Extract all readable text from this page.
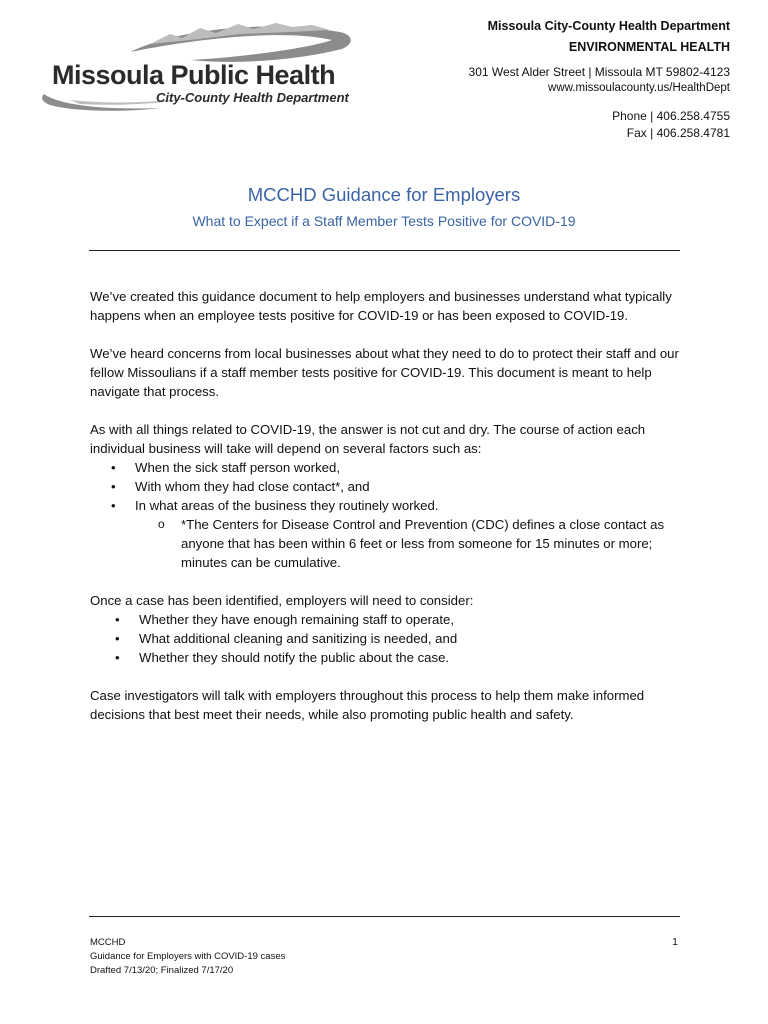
Missoula Public Health
City-County Health Department
Missoula City-County Health Department
ENVIRONMENTAL HEALTH
301 West Alder Street | Missoula MT 59802-4123
www.missoulacounty.us/HealthDept
Phone | 406.258.4755
Fax | 406.258.4781
MCCHD Guidance for Employers
What to Expect if a Staff Member Tests Positive for COVID-19

We’ve created this guidance document to help employers and businesses understand what typically happens when an employee tests positive for COVID-19 or has been exposed to COVID-19.

We’ve heard concerns from local businesses about what they need to do to protect their staff and our fellow Missoulians if a staff member tests positive for COVID-19. This document is meant to help navigate that process.

As with all things related to COVID-19, the answer is not cut and dry. The course of action each individual business will take will depend on several factors such as:

• When the sick staff person worked,
• With whom they had close contact*, and
• In what areas of the business they routinely worked.
o *The Centers for Disease Control and Prevention (CDC) defines a close contact as anyone that has been within 6 feet or less from someone for 15 minutes or more; minutes can be cumulative.

Once a case has been identified, employers will need to consider:

• Whether they have enough remaining staff to operate,
• What additional cleaning and sanitizing is needed, and
• Whether they should notify the public about the case.

Case investigators will talk with employers throughout this process to help them make informed decisions that best meet their needs, while also promoting public health and safety.

MCCHD
Guidance for Employers with COVID-19 cases
Drafted 7/13/20; Finalized 7/17/20
1
